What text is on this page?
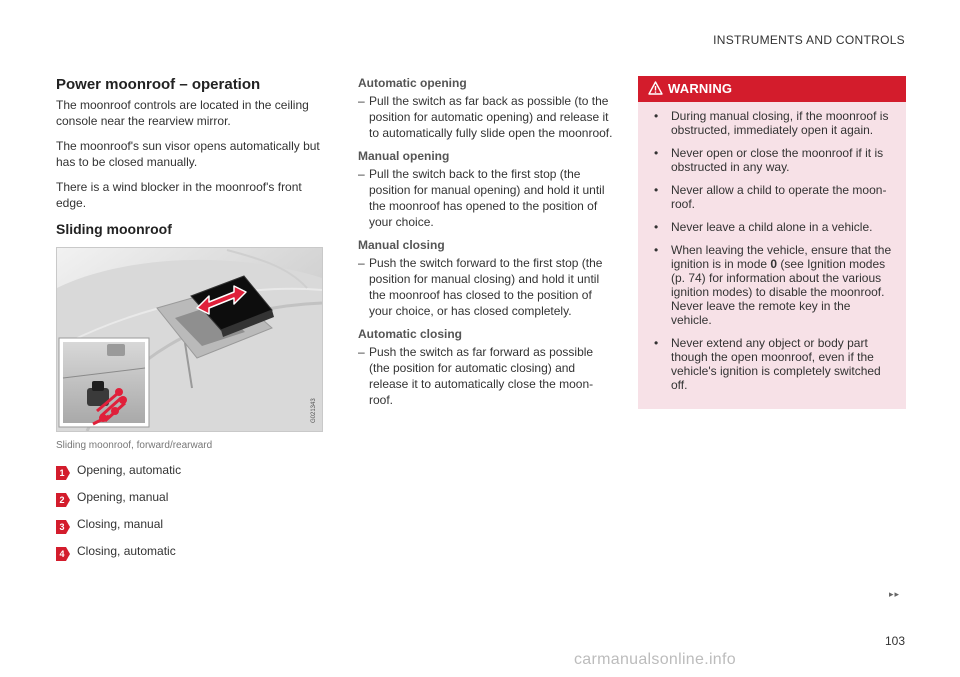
INSTRUMENTS AND CONTROLS
Power moonroof – operation

The moonroof controls are located in the ceiling console near the rearview mirror.

The moonroof's sun visor opens automatically but has to be closed manually.

There is a wind blocker in the moonroof's front edge.

Sliding moonroof
G021343
Sliding moonroof, forward/rearward
1 Opening, automatic
2 Opening, manual
3 Closing, manual
4 Closing, automatic
Automatic opening

– Pull the switch as far back as possible (to the position for automatic opening) and release it to automatically fully slide open the moonroof.

Manual opening

– Pull the switch back to the first stop (the position for manual opening) and hold it until the moonroof has opened to the position of your choice.

Manual closing

– Push the switch forward to the first stop (the position for manual closing) and hold it until the moonroof has closed to the position of your choice, or has closed completely.

Automatic closing

– Push the switch as far forward as possible (the position for automatic closing) and release it to automatically close the moon-roof.

WARNING
• During manual closing, if the moonroof is obstructed, immediately open it again.
• Never open or close the moonroof if it is obstructed in any way.
• Never allow a child to operate the moon-roof.
• Never leave a child alone in a vehicle.
• When leaving the vehicle, ensure that the ignition is in mode 0 (see Ignition modes (p. 74) for information about the various ignition modes) to disable the moonroof. Never leave the remote key in the vehicle.
• Never extend any object or body part though the open moonroof, even if the vehicle's ignition is completely switched off.
▸▸
103
carmanualsonline.info
